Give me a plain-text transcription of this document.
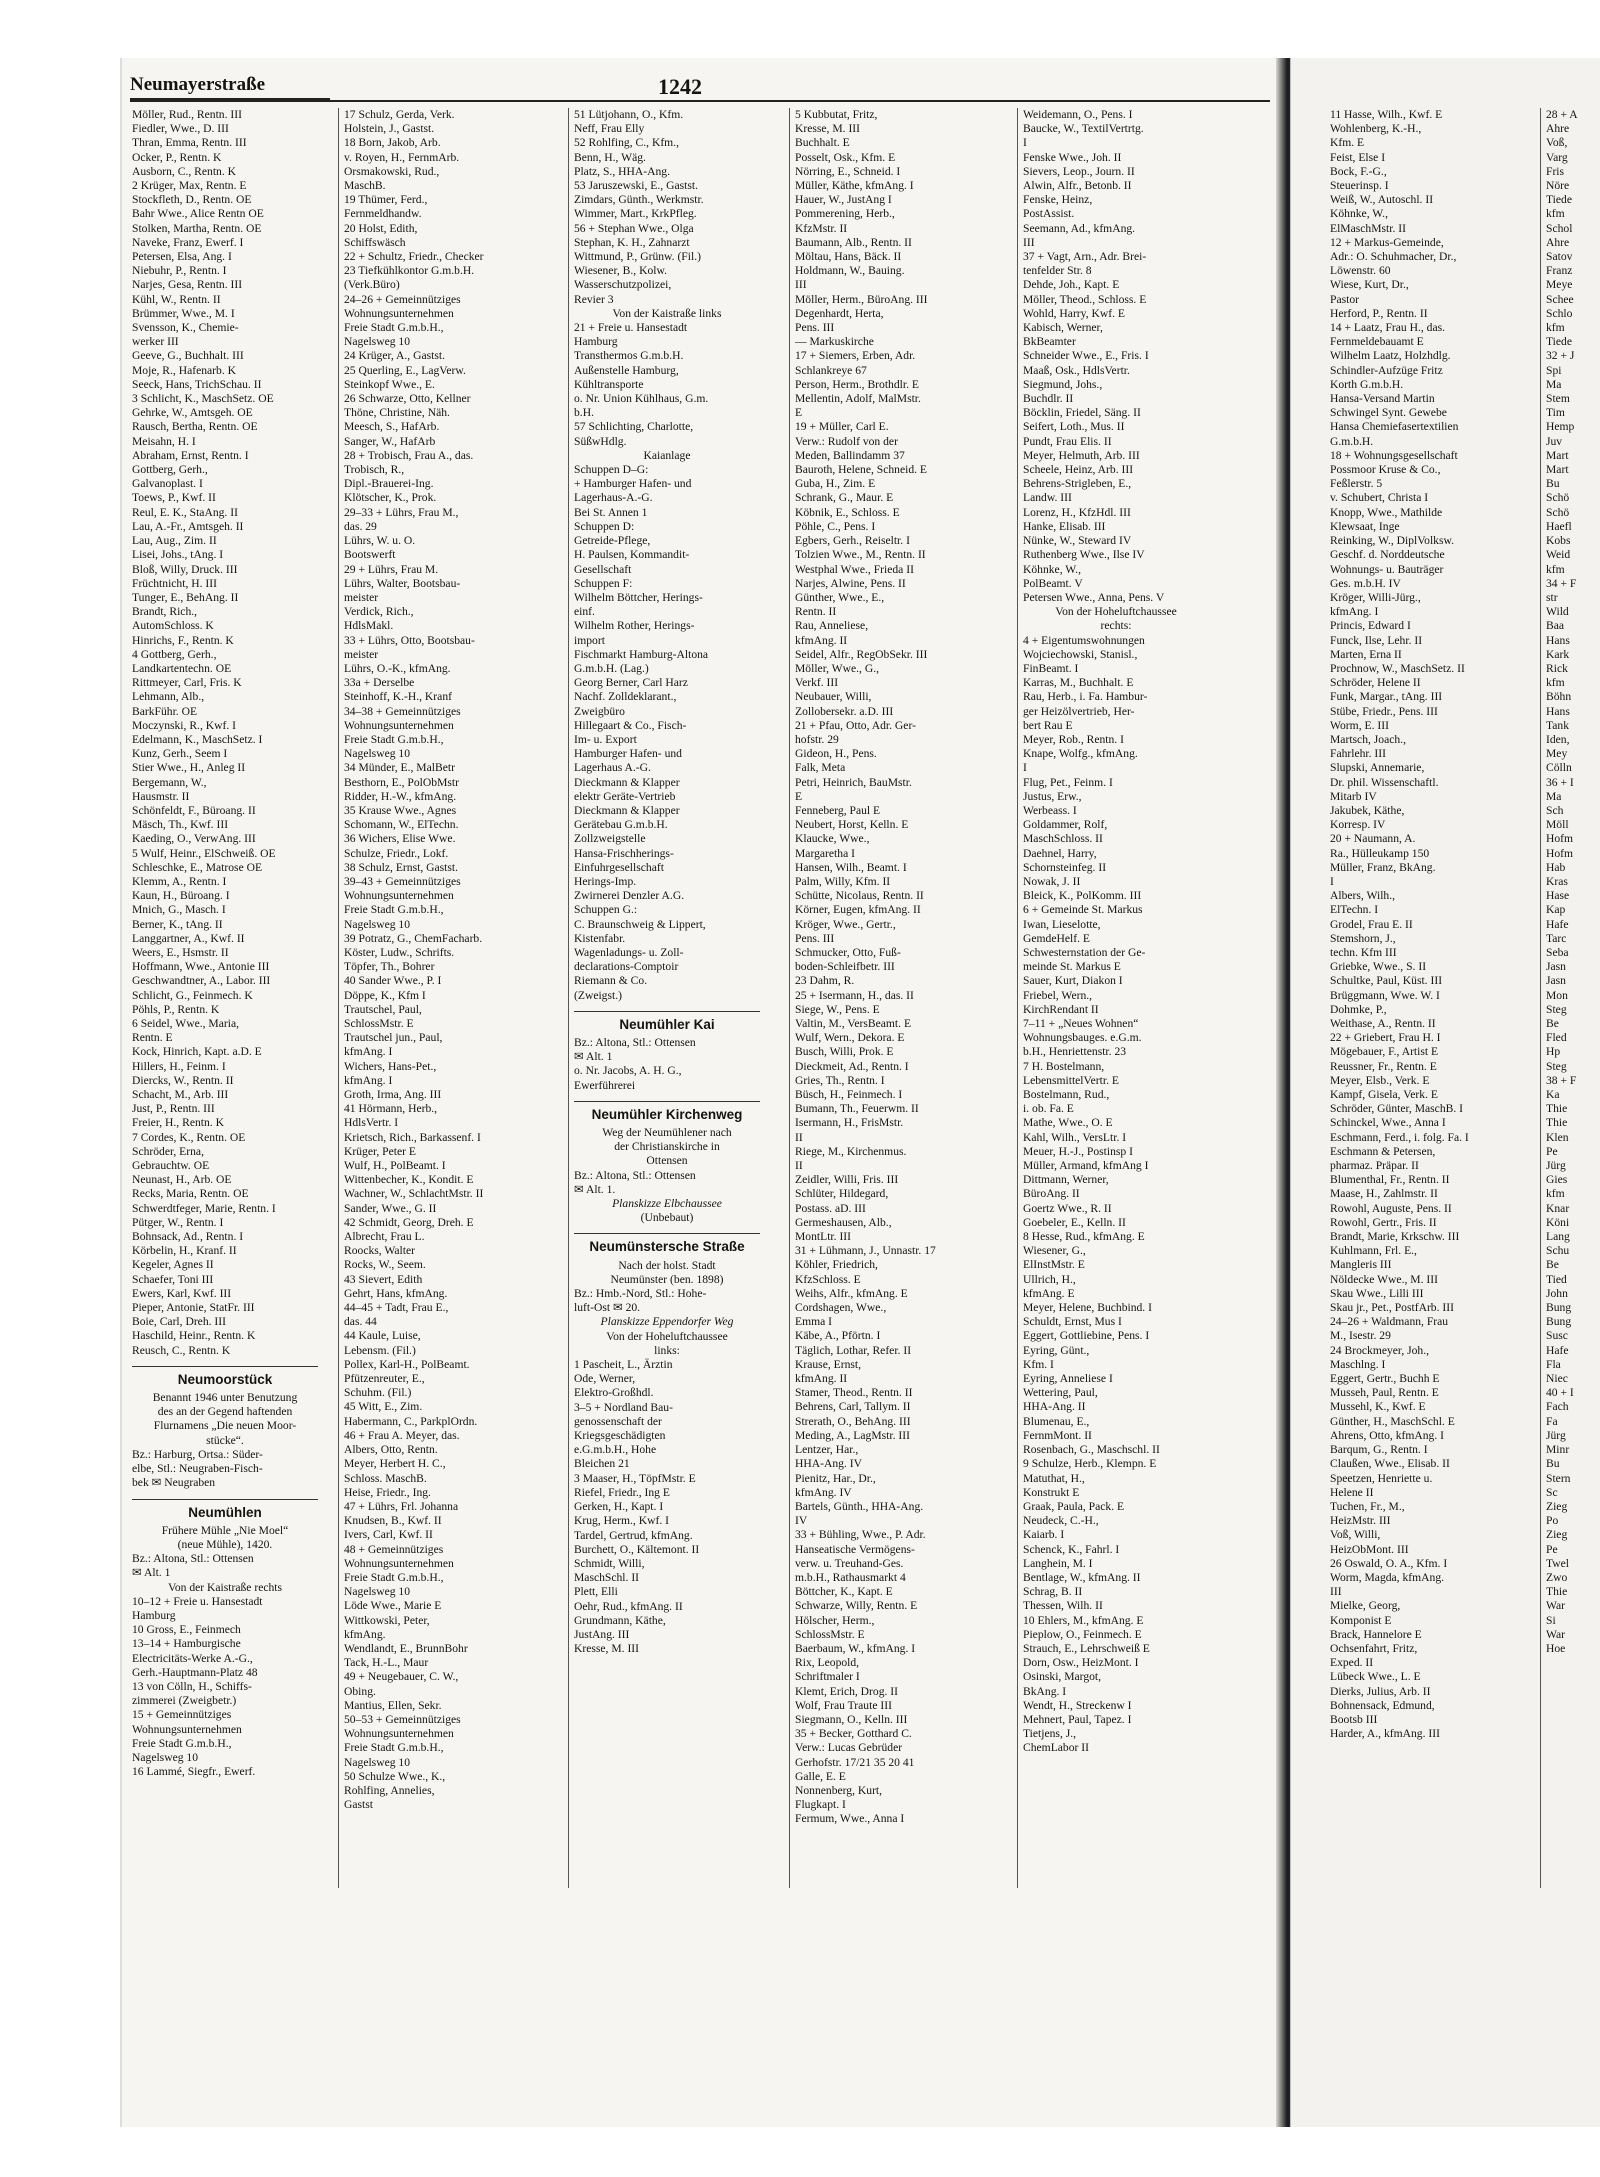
Neumayerstraße	1242
Möller, Rud., Rentn. III
Fiedler, Wwe., D. III
Thran, Emma, Rentn. III
Ocker, P., Rentn. K
Ausborn, C., Rentn. K
2 Krüger, Max, Rentn. E
Stockfleth, D., Rentn. OE
Bahr Wwe., Alice Rentn OE
Stolken, Martha, Rentn. OE
Naveke, Franz, Ewerf. I
Petersen, Elsa, Ang. I
Niebuhr, P., Rentn. I
Narjes, Gesa, Rentn. III
Kühl, W., Rentn. II
Brümmer, Wwe., M. I
Svensson, K., Chemie-
werker III
Geeve, G., Buchhalt. III
Moje, R., Hafenarb. K
Seeck, Hans, TrichSchau. II
3 Schlicht, K., MaschSetz. OE
Gehrke, W., Amtsgeh. OE
Rausch, Bertha, Rentn. OE
Meisahn, H. I
Abraham, Ernst, Rentn. I
Gottberg, Gerh.,
Galvanoplast. I
Toews, P., Kwf. II
Reul, E. K., StaAng. II
Lau, A.-Fr., Amtsgeh. II
Lau, Aug., Zim. II
Lisei, Johs., tAng. I
Bloß, Willy, Druck. III
Früchtnicht, H. III
Tunger, E., BehAng. II
Brandt, Rich.,
AutomSchloss. K
Hinrichs, F., Rentn. K
4 Gottberg, Gerh.,
Landkartentechn. OE
Rittmeyer, Carl, Fris. K
Lehmann, Alb.,
BarkFühr. OE
Moczynski, R., Kwf. I
Edelmann, K., MaschSetz. I
Kunz, Gerh., Seem I
Stier Wwe., H., Anleg II
Bergemann, W.,
Hausmstr. II
Schönfeldt, F., Büroang. II
Mäsch, Th., Kwf. III
Kaeding, O., VerwAng. III
5 Wulf, Heinr., ElSchweiß. OE
Schleschke, E., Matrose OE
Klemm, A., Rentn. I
Kaun, H., Büroang. I
Mnich, G., Masch. I
Berner, K., tAng. II
Langgartner, A., Kwf. II
Weers, E., Hsmstr. II
Hoffmann, Wwe., Antonie III
Geschwandtner, A., Labor. III
Schlicht, G., Feinmech. K
Pöhls, P., Rentn. K
6 Seidel, Wwe., Maria,
Rentn. E
Kock, Hinrich, Kapt. a.D. E
Hillers, H., Feinm. I
Diercks, W., Rentn. II
Schacht, M., Arb. III
Just, P., Rentn. III
Freier, H., Rentn. K
7 Cordes, K., Rentn. OE
Schröder, Erna,
Gebrauchtw. OE
Neunast, H., Arb. OE
Recks, Maria, Rentn. OE
Schwerdtfeger, Marie, Rentn. I
Pütger, W., Rentn. I
Bohnsack, Ad., Rentn. I
Körbelin, H., Kranf. II
Kegeler, Agnes II
Schaefer, Toni III
Ewers, Karl, Kwf. III
Pieper, Antonie, StatFr. III
Boie, Carl, Dreh. III
Haschild, Heinr., Rentn. K
Reusch, C., Rentn. K
Neumoorstück
Benannt 1946 unter Benutzung
des an der Gegend haftenden
Flurnamens „Die neuen Moor-
stücke“.
Bz.: Harburg, Ortsa.: Süder-
elbe, Stl.: Neugraben-Fisch-
bek ✉ Neugraben
Neumühlen
Frühere Mühle „Nie Moel“
(neue Mühle), 1420.
Bz.: Altona, Stl.: Ottensen
✉ Alt. 1
Von der Kaistraße rechts
10–12 + Freie u. Hansestadt
Hamburg
10 Gross, E., Feinmech
13–14 + Hamburgische
Electricitäts-Werke A.-G.,
Gerh.-Hauptmann-Platz 48
13 von Cölln, H., Schiffs-
zimmerei (Zweigbetr.)
15 + Gemeinnütziges
Wohnungsunternehmen
Freie Stadt G.m.b.H.,
Nagelsweg 10
16 Lammé, Siegfr., Ewerf.
17 Schulz, Gerda, Verk.
Holstein, J., Gastst.
18 Born, Jakob, Arb.
v. Royen, H., FernmArb.
Orsmakowski, Rud.,
MaschB.
19 Thümer, Ferd.,
Fernmeldhandw.
20 Holst, Edith,
Schiffswäsch
22 + Schultz, Friedr., Checker
23 Tiefkühlkontor G.m.b.H.
(Verk.Büro)
24–26 + Gemeinnütziges
Wohnungsunternehmen
Freie Stadt G.m.b.H.,
Nagelsweg 10
24 Krüger, A., Gastst.
25 Querling, E., LagVerw.
Steinkopf Wwe., E.
26 Schwarze, Otto, Kellner
Thöne, Christine, Näh.
Meesch, S., HafArb.
Sanger, W., HafArb
28 + Trobisch, Frau A., das.
Trobisch, R.,
Dipl.-Brauerei-Ing.
Klötscher, K., Prok.
29–33 + Lührs, Frau M.,
das. 29
Lührs, W. u. O.
Bootswerft
29 + Lührs, Frau M.
Lührs, Walter, Bootsbau-
meister
Verdick, Rich.,
HdlsMakl.
33 + Lührs, Otto, Bootsbau-
meister
Lührs, O.-K., kfmAng.
33a + Derselbe
Steinhoff, K.-H., Kranf
34–38 + Gemeinnütziges
Wohnungsunternehmen
Freie Stadt G.m.b.H.,
Nagelsweg 10
34 Münder, E., MalBetr
Besthorn, E., PolObMstr
Ridder, H.-W., kfmAng.
35 Krause Wwe., Agnes
Schomann, W., ElTechn.
36 Wichers, Elise Wwe.
Schulze, Friedr., Lokf.
38 Schulz, Ernst, Gastst.
39–43 + Gemeinnütziges
Wohnungsunternehmen
Freie Stadt G.m.b.H.,
Nagelsweg 10
39 Potratz, G., ChemFacharb.
Köster, Ludw., Schrifts.
Töpfer, Th., Bohrer
40 Sander Wwe., P. I
Döppe, K., Kfm I
Trautschel, Paul,
SchlossMstr. E
Trautschel jun., Paul,
kfmAng. I
Wichers, Hans-Pet.,
kfmAng. I
Groth, Irma, Ang. III
41 Hörmann, Herb.,
HdlsVertr. I
Krietsch, Rich., Barkassenf. I
Krüger, Peter E
Wulf, H., PolBeamt. I
Wittenbecher, K., Kondit. E
Wachner, W., SchlachtMstr. II
Sander, Wwe., G. II
42 Schmidt, Georg, Dreh. E
Albrecht, Frau L.
Roocks, Walter
Rocks, W., Seem.
43 Sievert, Edith
Gehrt, Hans, kfmAng.
44–45 + Tadt, Frau E.,
das. 44
44 Kaule, Luise,
Lebensm. (Fil.)
Pollex, Karl-H., PolBeamt.
Pfützenreuter, E.,
Schuhm. (Fil.)
45 Witt, E., Zim.
Habermann, C., ParkplOrdn.
46 + Frau A. Meyer, das.
Albers, Otto, Rentn.
Meyer, Herbert H. C.,
Schloss. MaschB.
Heise, Friedr., Ing.
47 + Lührs, Frl. Johanna
Knudsen, B., Kwf. II
Ivers, Carl, Kwf. II
48 + Gemeinnütziges
Wohnungsunternehmen
Freie Stadt G.m.b.H.,
Nagelsweg 10
Löde Wwe., Marie E
Wittkowski, Peter,
kfmAng.
Wendlandt, E., BrunnBohr
Tack, H.-L., Maur
49 + Neugebauer, C. W.,
Obing.
Mantius, Ellen, Sekr.
50–53 + Gemeinnütziges
Wohnungsunternehmen
Freie Stadt G.m.b.H.,
Nagelsweg 10
50 Schulze Wwe., K.,
Rohlfing, Annelies,
Gastst
51 Lütjohann, O., Kfm.
Neff, Frau Elly
52 Rohlfing, C., Kfm.,
Benn, H., Wäg.
Platz, S., HHA-Ang.
53 Jaruszewski, E., Gastst.
Zimdars, Günth., Werkmstr.
Wimmer, Mart., KrkPfleg.
56 + Stephan Wwe., Olga
Stephan, K. H., Zahnarzt
Wittmund, P., Grünw. (Fil.)
Wiesener, B., Kolw.
Wasserschutzpolizei,
Revier 3
Von der Kaistraße links
21 + Freie u. Hansestadt
Hamburg
Transthermos G.m.b.H.
Außenstelle Hamburg,
Kühltransporte
o. Nr. Union Kühlhaus, G.m.
b.H.
57 Schlichting, Charlotte,
SüßwHdlg.
Kaianlage
Schuppen D–G:
+ Hamburger Hafen- und
Lagerhaus-A.-G.
Bei St. Annen 1
Schuppen D:
Getreide-Pflege,
H. Paulsen, Kommandit-
Gesellschaft
Schuppen F:
Wilhelm Böttcher, Herings-
einf.
Wilhelm Rother, Herings-
import
Fischmarkt Hamburg-Altona
G.m.b.H. (Lag.)
Georg Berner, Carl Harz
Nachf. Zolldeklarant.,
Zweigbüro
Hillegaart & Co., Fisch-
Im- u. Export
Hamburger Hafen- und
Lagerhaus A.-G.
Dieckmann & Klapper
elektr Geräte-Vertrieb
Dieckmann & Klapper
Gerätebau G.m.b.H.
Zollzweigstelle
Hansa-Frischherings-
Einfuhrgesellschaft
Herings-Imp.
Zwirnerei Denzler A.G.
Schuppen G.:
C. Braunschweig & Lippert,
Kistenfabr.
Wagenladungs- u. Zoll-
declarations-Comptoir
Riemann & Co.
(Zweigst.)
Neumühler Kai
Bz.: Altona, Stl.: Ottensen
✉ Alt. 1
o. Nr. Jacobs, A. H. G.,
Ewerführerei
Neumühler Kirchenweg
Weg der Neumühlener nach
der Christianskirche in
Ottensen
Bz.: Altona, Stl.: Ottensen
✉ Alt. 1.
Planskizze Elbchaussee
(Unbebaut)
Neumünstersche Straße
Nach der holst. Stadt
Neumünster (ben. 1898)
Bz.: Hmb.-Nord, Stl.: Hohe-
luft-Ost ✉ 20.
Planskizze Eppendorfer Weg
Von der Hoheluftchaussee
links:
1 Pascheit, L., Ärztin
Ode, Werner,
Elektro-Großhdl.
3–5 + Nordland Bau-
genossenschaft der
Kriegsgeschädigten
e.G.m.b.H., Hohe
Bleichen 21
3 Maaser, H., TöpfMstr. E
Riefel, Friedr., Ing E
Gerken, H., Kapt. I
Krug, Herm., Kwf. I
Tardel, Gertrud, kfmAng.
Burchett, O., Kältemont. II
Schmidt, Willi,
MaschSchl. II
Plett, Elli
Oehr, Rud., kfmAng. II
Grundmann, Käthe,
JustAng. III
Kresse, M. III
5 Kubbutat, Fritz,
Kresse, M. III
Buchhalt. E
Posselt, Osk., Kfm. E
Nörring, E., Schneid. I
Müller, Käthe, kfmAng. I
Hauer, W., JustAng I
Pommerening, Herb.,
KfzMstr. II
Baumann, Alb., Rentn. II
Möltau, Hans, Bäck. II
Holdmann, W., Bauing.
III
Möller, Herm., BüroAng. III
Degenhardt, Herta,
Pens. III
— Markuskirche
17 + Siemers, Erben, Adr.
Schlankreye 67
Person, Herm., Brothdlr. E
Mellentin, Adolf, MalMstr.
E
19 + Müller, Carl E.
Verw.: Rudolf von der
Meden, Ballindamm 37
Bauroth, Helene, Schneid. E
Guba, H., Zim. E
Schrank, G., Maur. E
Köbnik, E., Schloss. E
Pöhle, C., Pens. I
Egbers, Gerh., Reiseltr. I
Tolzien Wwe., M., Rentn. II
Westphal Wwe., Frieda II
Narjes, Alwine, Pens. II
Günther, Wwe., E.,
Rentn. II
Rau, Anneliese,
kfmAng. II
Seidel, Alfr., RegObSekr. III
Möller, Wwe., G.,
Verkf. III
Neubauer, Willi,
Zollobersekr. a.D. III
21 + Pfau, Otto, Adr. Ger-
hofstr. 29
Gideon, H., Pens.
Falk, Meta
Petri, Heinrich, BauMstr.
E
Fenneberg, Paul E
Neubert, Horst, Kelln. E
Klaucke, Wwe.,
Margaretha I
Hansen, Wilh., Beamt. I
Palm, Willy, Kfm. II
Schütte, Nicolaus, Rentn. II
Körner, Eugen, kfmAng. II
Kröger, Wwe., Gertr.,
Pens. III
Schmucker, Otto, Fuß-
boden-Schleifbetr. III
23 Dahm, R.
25 + Isermann, H., das. II
Siege, W., Pens. E
Valtin, M., VersBeamt. E
Wulf, Wern., Dekora. E
Busch, Willi, Prok. E
Dieckmeit, Ad., Rentn. I
Gries, Th., Rentn. I
Büsch, H., Feinmech. I
Bumann, Th., Feuerwm. II
Isermann, H., FrisMstr.
II
Riege, M., Kirchenmus.
II
Zeidler, Willi, Fris. III
Schlüter, Hildegard,
Postass. aD. III
Germeshausen, Alb.,
MontLtr. III
31 + Lühmann, J., Unnastr. 17
Köhler, Friedrich,
KfzSchloss. E
Weihs, Alfr., kfmAng. E
Cordshagen, Wwe.,
Emma I
Käbe, A., Pförtn. I
Täglich, Lothar, Refer. II
Krause, Ernst,
kfmAng. II
Stamer, Theod., Rentn. II
Behrens, Carl, Tallym. II
Strerath, O., BehAng. III
Meding, A., LagMstr. III
Lentzer, Har.,
HHA-Ang. IV
Pienitz, Har., Dr.,
kfmAng. IV
Bartels, Günth., HHA-Ang.
IV
33 + Bühling, Wwe., P. Adr.
Hanseatische Vermögens-
verw. u. Treuhand-Ges.
m.b.H., Rathausmarkt 4
Böttcher, K., Kapt. E
Schwarze, Willy, Rentn. E
Hölscher, Herm.,
SchlossMstr. E
Baerbaum, W., kfmAng. I
Rix, Leopold,
Schriftmaler I
Klemt, Erich, Drog. II
Wolf, Frau Traute III
Siegmann, O., Kelln. III
35 + Becker, Gotthard C.
Verw.: Lucas Gebrüder
Gerhofstr. 17/21 35 20 41
Galle, E. E
Nonnenberg, Kurt,
Flugkapt. I
Fermum, Wwe., Anna I
Weidemann, O., Pens. I
Baucke, W., TextilVertrtg.
I
Fenske Wwe., Joh. II
Sievers, Leop., Journ. II
Alwin, Alfr., Betonb. II
Fenske, Heinz,
PostAssist.
Seemann, Ad., kfmAng.
III
37 + Vagt, Arn., Adr. Brei-
tenfelder Str. 8
Dehde, Joh., Kapt. E
Möller, Theod., Schloss. E
Wohld, Harry, Kwf. E
Kabisch, Werner,
BkBeamter
Schneider Wwe., E., Fris. I
Maaß, Osk., HdlsVertr.
Siegmund, Johs.,
Buchdlr. II
Böcklin, Friedel, Säng. II
Seifert, Loth., Mus. II
Pundt, Frau Elis. II
Meyer, Helmuth, Arb. III
Scheele, Heinz, Arb. III
Behrens-Strigleben, E.,
Landw. III
Lorenz, H., KfzHdl. III
Hanke, Elisab. III
Nünke, W., Steward IV
Ruthenberg Wwe., Ilse IV
Köhnke, W.,
PolBeamt. V
Petersen Wwe., Anna, Pens. V
Von der Hoheluftchaussee
rechts:
4 + Eigentumswohnungen
Wojciechowski, Stanisl.,
FinBeamt. I
Karras, M., Buchhalt. E
Rau, Herb., i. Fa. Hambur-
ger Heizölvertrieb, Her-
bert Rau E
Meyer, Rob., Rentn. I
Knape, Wolfg., kfmAng.
I
Flug, Pet., Feinm. I
Justus, Erw.,
Werbeass. I
Goldammer, Rolf,
MaschSchloss. II
Daehnel, Harry,
Schornsteinfeg. II
Nowak, J. II
Bleick, K., PolKomm. III
6 + Gemeinde St. Markus
Iwan, Lieselotte,
GemdeHelf. E
Schwesternstation der Ge-
meinde St. Markus E
Sauer, Kurt, Diakon I
Friebel, Wern.,
KirchRendant II
7–11 + „Neues Wohnen“
Wohnungsbauges. e.G.m.
b.H., Henriettenstr. 23
7 H. Bostelmann,
LebensmittelVertr. E
Bostelmann, Rud.,
i. ob. Fa. E
Mathe, Wwe., O. E
Kahl, Wilh., VersLtr. I
Meuer, H.-J., Postinsp I
Müller, Armand, kfmAng I
Dittmann, Werner,
BüroAng. II
Goertz Wwe., R. II
Goebeler, E., Kelln. II
8 Hesse, Rud., kfmAng. E
Wiesener, G.,
ElInstMstr. E
Ullrich, H.,
kfmAng. E
Meyer, Helene, Buchbind. I
Schuldt, Ernst, Mus I
Eggert, Gottliebine, Pens. I
Eyring, Günt.,
Kfm. I
Eyring, Anneliese I
Wettering, Paul,
HHA-Ang. II
Blumenau, E.,
FernmMont. II
Rosenbach, G., Maschschl. II
9 Schulze, Herb., Klempn. E
Matuthat, H.,
Konstrukt E
Graak, Paula, Pack. E
Neudeck, C.-H.,
Kaiarb. I
Schenck, K., Fahrl. I
Langhein, M. I
Bentlage, W., kfmAng. II
Schrag, B. II
Thessen, Wilh. II
10 Ehlers, M., kfmAng. E
Pieplow, O., Feinmech. E
Strauch, E., Lehrschweiß E
Dorn, Osw., HeizMont. I
Osinski, Margot,
BkAng. I
Wendt, H., Streckenw I
Mehnert, Paul, Tapez. I
Tietjens, J.,
ChemLabor II
11 Hasse, Wilh., Kwf. E
Wohlenberg, K.-H.,
Kfm. E
Feist, Else I
Bock, F.-G.,
Steuerinsp. I
Weiß, W., Autoschl. II
Köhnke, W.,
ElMaschMstr. II
12 + Markus-Gemeinde,
Adr.: O. Schuhmacher, Dr.,
Löwenstr. 60
Wiese, Kurt, Dr.,
Pastor
Herford, P., Rentn. II
14 + Laatz, Frau H., das.
Fernmeldebauamt E
Wilhelm Laatz, Holzhdlg.
Schindler-Aufzüge Fritz
Korth G.m.b.H.
Hansa-Versand Martin
Schwingel Synt. Gewebe
Hansa Chemiefasertextilien
G.m.b.H.
18 + Wohnungsgesellschaft
Possmoor Kruse & Co.,
Feßlerstr. 5
v. Schubert, Christa I
Knopp, Wwe., Mathilde
Klewsaat, Inge
Reinking, W., DiplVolksw.
Geschf. d. Norddeutsche
Wohnungs- u. Bauträger
Ges. m.b.H. IV
Kröger, Willi-Jürg.,
kfmAng. I
Princis, Edward I
Funck, Ilse, Lehr. II
Marten, Erna II
Prochnow, W., MaschSetz. II
Schröder, Helene II
Funk, Margar., tAng. III
Stübe, Friedr., Pens. III
Worm, E. III
Martsch, Joach.,
Fahrlehr. III
Slupski, Annemarie,
Dr. phil. Wissenschaftl.
Mitarb IV
Jakubek, Käthe,
Korresp. IV
20 + Naumann, A.
Ra., Hülleukamp 150
Müller, Franz, BkAng.
I
Albers, Wilh.,
ElTechn. I
Grodel, Frau E. II
Stemshorn, J.,
techn. Kfm III
Griebke, Wwe., S. II
Schultke, Paul, Küst. III
Brüggmann, Wwe. W. I
Dohmke, P.,
Weithase, A., Rentn. II
22 + Griebert, Frau H. I
Mögebauer, F., Artist E
Reussner, Fr., Rentn. E
Meyer, Elsb., Verk. E
Kampf, Gisela, Verk. E
Schröder, Günter, MaschB. I
Schinckel, Wwe., Anna I
Eschmann, Ferd., i. folg. Fa. I
Eschmann & Petersen,
pharmaz. Präpar. II
Blumenthal, Fr., Rentn. II
Maase, H., Zahlmstr. II
Rowohl, Auguste, Pens. II
Rowohl, Gertr., Fris. II
Brandt, Marie, Krkschw. III
Kuhlmann, Frl. E.,
Mangleris III
Nöldecke Wwe., M. III
Skau Wwe., Lilli III
Skau jr., Pet., PostfArb. III
24–26 + Waldmann, Frau
M., Isestr. 29
24 Brockmeyer, Joh.,
Maschlng. I
Eggert, Gertr., Buchh E
Musseh, Paul, Rentn. E
Mussehl, K., Kwf. E
Günther, H., MaschSchl. E
Ahrens, Otto, kfmAng. I
Barqum, G., Rentn. I
Claußen, Wwe., Elisab. II
Speetzen, Henriette u.
Helene II
Tuchen, Fr., M.,
HeizMstr. III
Voß, Willi,
HeizObMont. III
26 Oswald, O. A., Kfm. I
Worm, Magda, kfmAng.
III
Mielke, Georg,
Komponist E
Brack, Hannelore E
Ochsenfahrt, Fritz,
Exped. II
Lübeck Wwe., L. E
Dierks, Julius, Arb. II
Bohnensack, Edmund,
Bootsb III
Harder, A., kfmAng. III
28 + A
Ahre
Voß,
Varg
Fris
Nöre
Tiede
kfm
Schol
Ahre
Satov
Franz
Meye
Schee
Schlo
kfm
Tiede
32 + J
Spi
Ma
Stem
Tim
Hemp
Juv
Mart
Mart
Bu
Schö
Schö
Haefl
Kobs
Weid
kfm
34 + F
str
Wild
Baa
Hans
Kark
Rick
kfm
Böhn
Hans
Tank
Iden,
Mey
Cölln
36 + I
Ma
Sch
Möll
Hofm
Hofm
Hab
Kras
Hase
Kap
Hafe
Tarc
Seba
Jasn
Jasn
Mon
Steg
Be
Fled
Hp
Steg
38 + F
Ka
Thie
Thie
Klen
Pe
Jürg
Gies
kfm
Knar
Köni
Lang
Schu
Be
Tied
John
Bung
Bung
Susc
Hafe
Fla
Niec
40 + I
Fach
Fa
Jürg
Minr
Bu
Stern
Sc
Zieg
Po
Zieg
Pe
Twel
Zwo
Thie
War
Si
War
Hoe
